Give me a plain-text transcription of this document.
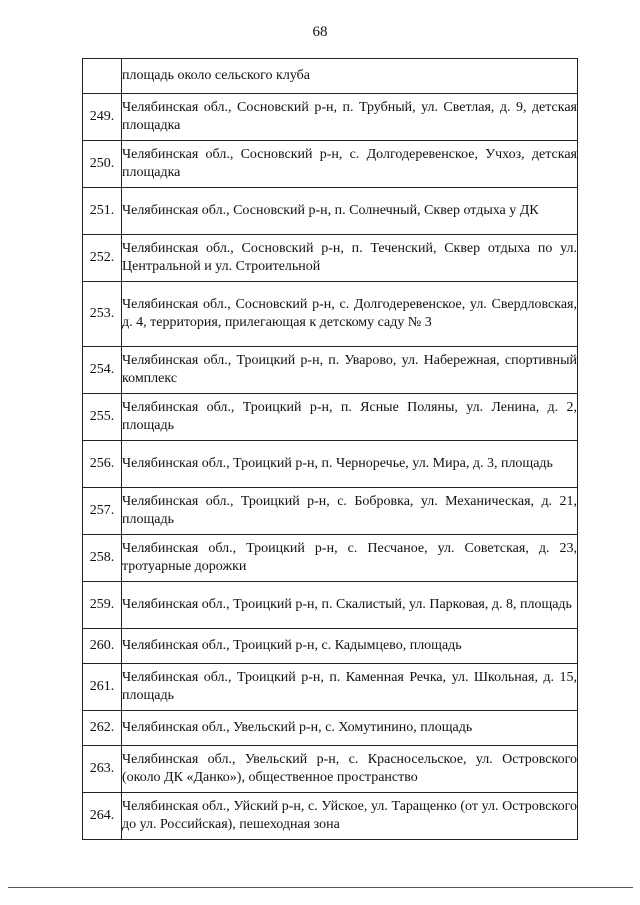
68

	площадь около сельского клуба

249.	Челябинская обл., Сосновский р-н, п. Трубный, ул. Светлая, д. 9, детская площадка

250.	Челябинская обл., Сосновский р-н, с. Долгодеревенское, Учхоз, детская площадка

251.	Челябинская обл., Сосновский р-н, п. Солнечный, Сквер отдыха у ДК

252.	Челябинская обл., Сосновский р-н, п. Теченский, Сквер отдыха по ул. Центральной и ул. Строительной

253.	Челябинская обл., Сосновский р-н, с. Долгодеревенское, ул. Свердловская, д. 4, территория, прилегающая к детскому саду № 3

254.	Челябинская обл., Троицкий р-н, п. Уварово, ул. Набережная, спортивный комплекс

255.	Челябинская обл., Троицкий р-н, п. Ясные Поляны, ул. Ленина, д. 2, площадь

256.	Челябинская обл., Троицкий р-н, п. Черноречье, ул. Мира, д. 3, площадь

257.	Челябинская обл., Троицкий р-н, с. Бобровка, ул. Механическая, д. 21, площадь

258.	Челябинская обл., Троицкий р-н, с. Песчаное, ул. Советская, д. 23, тротуарные дорожки

259.	Челябинская обл., Троицкий р-н, п. Скалистый, ул. Парковая, д. 8, площадь

260.	Челябинская обл., Троицкий р-н, с. Кадымцево, площадь

261.	Челябинская обл., Троицкий р-н, п. Каменная Речка, ул. Школьная, д. 15, площадь

262.	Челябинская обл., Увельский р-н, с. Хомутинино, площадь

263.	Челябинская обл., Увельский р-н, с. Красносельское, ул. Островского (около ДК «Данко»), общественное пространство

264.	Челябинская обл., Уйский р-н, с. Уйское, ул. Таращенко (от ул. Островского до ул. Российская), пешеходная зона
